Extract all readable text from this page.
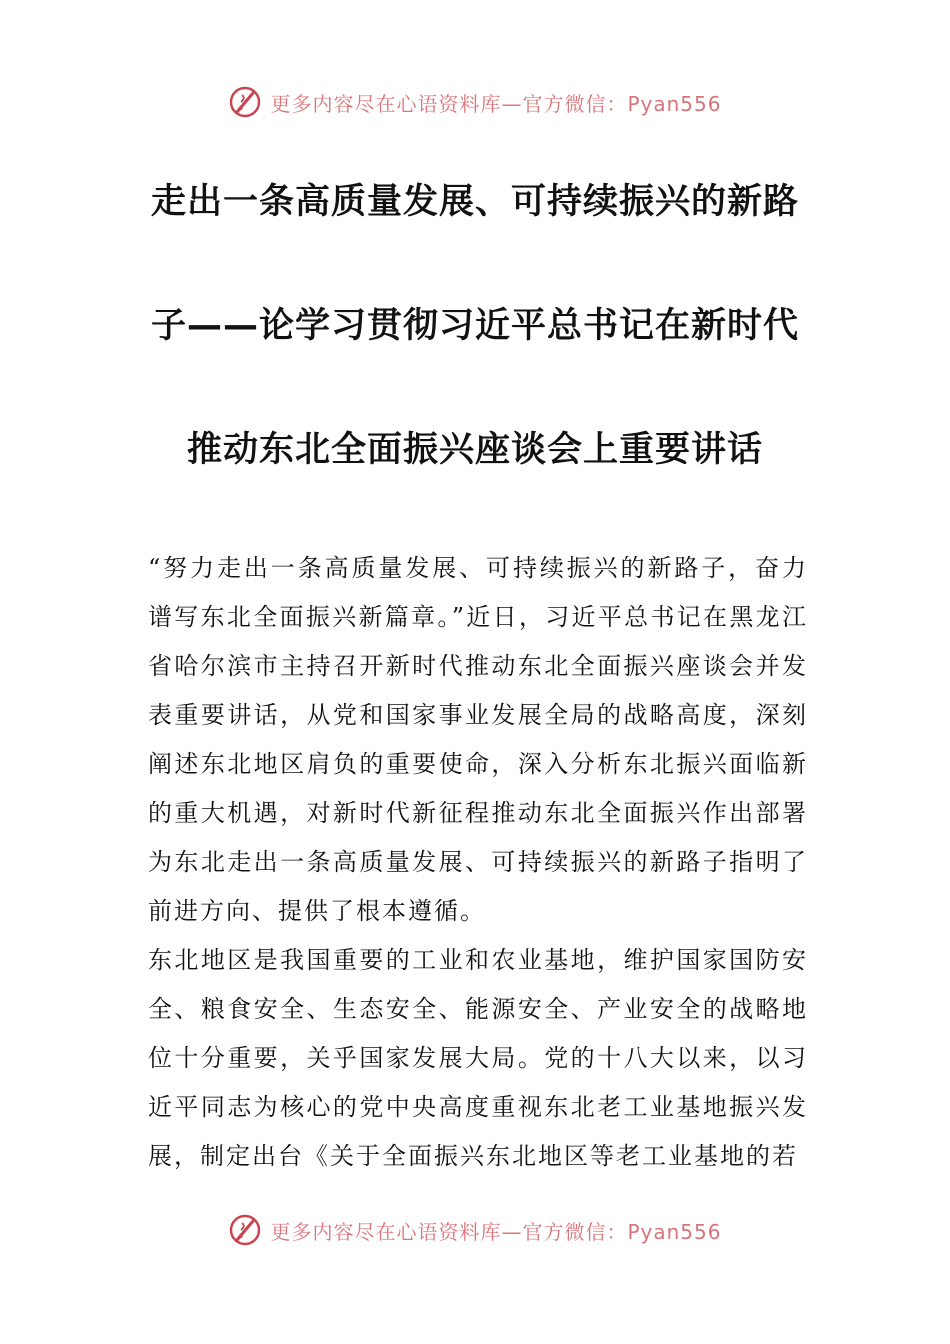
更多内容尽在心语资料库—官方微信：Pyan556
走出一条高质量发展、可持续振兴的新路
子——论学习贯彻习近平总书记在新时代
推动东北全面振兴座谈会上重要讲话

“努力走出一条高质量发展、可持续振兴的新路子，奋力谱写东北全面振兴新篇章。”近日，习近平总书记在黑龙江省哈尔滨市主持召开新时代推动东北全面振兴座谈会并发表重要讲话，从党和国家事业发展全局的战略高度，深刻阐述东北地区肩负的重要使命，深入分析东北振兴面临新的重大机遇，对新时代新征程推动东北全面振兴作出部署为东北走出一条高质量发展、可持续振兴的新路子指明了前进方向、提供了根本遵循。

东北地区是我国重要的工业和农业基地，维护国家国防安全、粮食安全、生态安全、能源安全、产业安全的战略地位十分重要，关乎国家发展大局。党的十八大以来，以习近平同志为核心的党中央高度重视东北老工业基地振兴发展，制定出台《关于全面振兴东北地区等老工业基地的若

更多内容尽在心语资料库—官方微信：Pyan556
